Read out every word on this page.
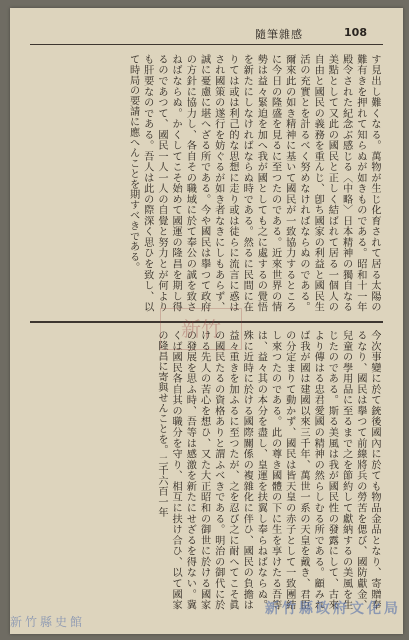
隨筆雜感	108

す見出し難くなる。萬物が生じ化育されて居る太陽の難有きを押れて知らぬが如きものである。昭和十一年殿令された紀念ぶ感じる〈中略〉日本精神の獨自なる美點として又此の國民と正しく結ばれて居る一個人の自由と國民の義務を重んじ、卽ち國家の利益と國民生活の充實とを計るべく努めなければならぬのである。爾來此の如き精神に基いて國民が一致協力するところに今日の隆盛を見るに至つたのである。近來世界の情勢は益々緊迫を加へ我が國としても之に處するの覺悟を新たにしなければならぬ時である。然るに民間に在りては或は利己的な思想に走り或は徒らに流言に惑はされ國策の遂行を妨ぐるが如き者なきにしもあらず、誠に憂慮に堪へざる所である。今や國民は擧つて政府の方針に協力し、各自その職域に於て奉公の誠を致さねばならぬ。かくしてこそ始めて國運の隆昌を期し得るのであつて、國民一人一人の自覺と努力とが何よりも肝要なのである。吾人は此の際深く思ひを致し、以て時局の要請に應へんことを期すべきである。

今次事變に於て銃後國內に於ても物品金品となり、寄贈奉るなり、國民は擧つて前線將兵の勞苦を偲び、國防獻金、兒童の學用品に至るまで之を節約して獻納するの美風を生じたのである。斯る美風は我が國民性の發露にして、古來より傳はる忠君愛國の精神の然らしむる所である。顧みれば我が國は建國以來三千年、萬世一系の天皇を戴き、君臣の分定まりて動かず、國民は皆天皇の赤子として一致團結し來つたのである。此の尊き國體の下に生を享けたる吾等は、益々其の本分を盡し、皇運を扶翼し奉らねばならぬ。殊に近時に於ける國際關係の複雜化に伴ひ、國民の負擔は益々重きを加ふるに至つたが、之を忍び之に耐へてこそ眞の國民たるの資格ありと謂ふべきである。明治の御代に於ける先人の苦心を想ひ、又た大正昭和の御世に於ける國家の發展を思ふ時、吾等は感激を新たにせざるを得ない。冀くば國民各自其の職分を守り、相互に扶け合ひ、以て國家の隆昌に寄與せんことを。二千六百一年

新竹
新竹縣政府文化局
新竹縣史館
